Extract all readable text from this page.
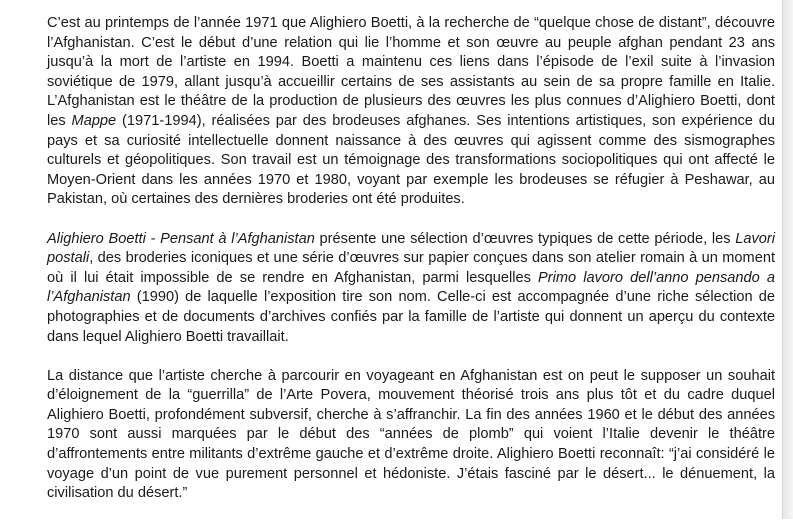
C’est au printemps de l’année 1971 que Alighiero Boetti, à la recherche de “quelque chose de distant”, découvre l’Afghanistan. C’est le début d’une relation qui lie l’homme et son œuvre au peuple afghan pendant 23 ans jusqu’à la mort de l’artiste en 1994. Boetti a maintenu ces liens dans l’épisode de l’exil suite à l’invasion soviétique de 1979, allant jusqu’à accueillir certains de ses assistants au sein de sa propre famille en Italie. L’Afghanistan est le théâtre de la production de plusieurs des œuvres les plus connues d’Alighiero Boetti, dont les Mappe (1971-1994), réalisées par des brodeuses afghanes. Ses intentions artistiques, son expérience du pays et sa curiosité intellectuelle donnent naissance à des œuvres qui agissent comme des sismographes culturels et géopolitiques. Son travail est un témoignage des transformations sociopolitiques qui ont affecté le Moyen-Orient dans les années 1970 et 1980, voyant par exemple les brodeuses se réfugier à Peshawar, au Pakistan, où certaines des dernières broderies ont été produites.

Alighiero Boetti - Pensant à l’Afghanistan présente une sélection d’œuvres typiques de cette période, les Lavori postali, des broderies iconiques et une série d’œuvres sur papier conçues dans son atelier romain à un moment où il lui était impossible de se rendre en Afghanistan, parmi lesquelles Primo lavoro dell’anno pensando a l’Afghanistan (1990) de laquelle l’exposition tire son nom. Celle-ci est accompagnée d’une riche sélection de photographies et de documents d’archives confiés par la famille de l’artiste qui donnent un aperçu du contexte dans lequel Alighiero Boetti travaillait.

La distance que l’artiste cherche à parcourir en voyageant en Afghanistan est on peut le supposer un souhait d’éloignement de la “guerrilla” de l’Arte Povera, mouvement théorisé trois ans plus tôt et du cadre duquel Alighiero Boetti, profondément subversif, cherche à s’affranchir. La fin des années 1960 et le début des années 1970 sont aussi marquées par le début des “années de plomb” qui voient l’Italie devenir le théâtre d’affrontements entre militants d’extrême gauche et d’extrême droite. Alighiero Boetti reconnaît: “j’ai considéré le voyage d’un point de vue purement personnel et hédoniste. J’étais fasciné par le désert... le dénuement, la civilisation du désert.”
